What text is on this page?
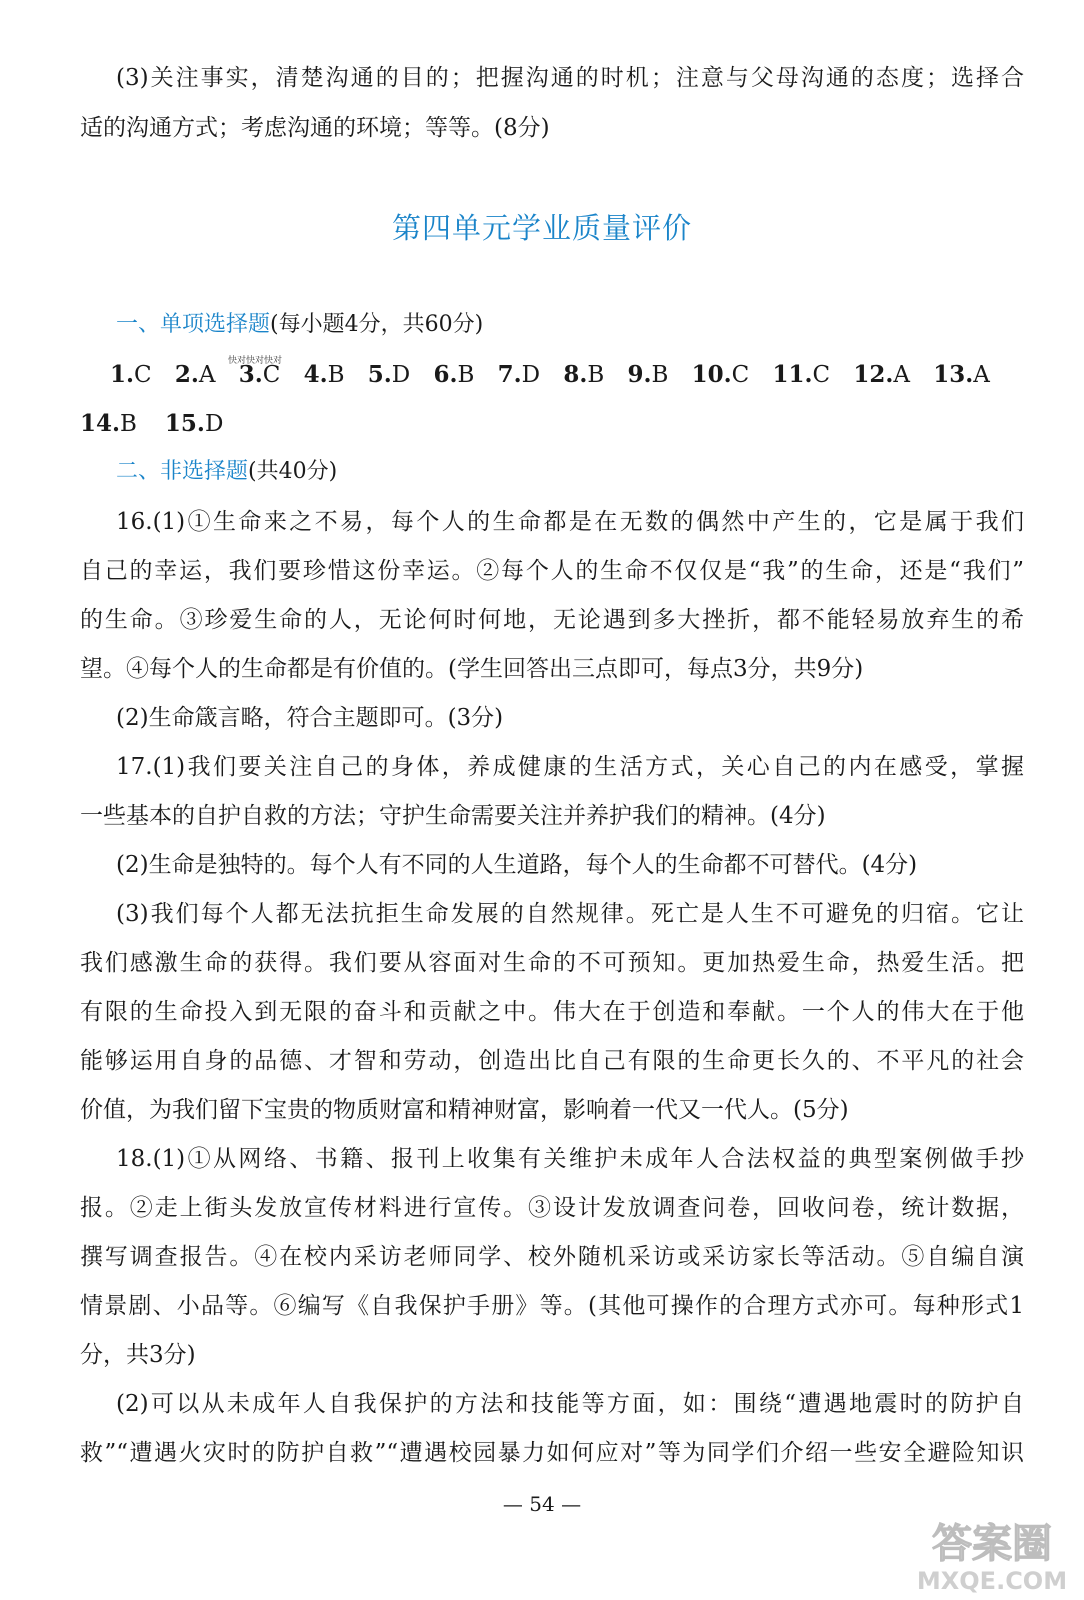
(3)关注事实，清楚沟通的目的；把握沟通的时机；注意与父母沟通的态度；选择合
适的沟通方式；考虑沟通的环境；等等。(8分)
第四单元学业质量评价
一、单项选择题(每小题4分，共60分)
1.C 2.A 3.C 4.B 5.D 6.B 7.D 8.B 9.B 10.C 11.C 12.A 13.A
快对快对快对
14.B 15.D
二、非选择题(共40分)
16.(1)①生命来之不易，每个人的生命都是在无数的偶然中产生的，它是属于我们
自己的幸运，我们要珍惜这份幸运。②每个人的生命不仅仅是“我”的生命，还是“我们”
的生命。③珍爱生命的人，无论何时何地，无论遇到多大挫折，都不能轻易放弃生的希
望。④每个人的生命都是有价值的。(学生回答出三点即可，每点3分，共9分)
(2)生命箴言略，符合主题即可。(3分)
17.(1)我们要关注自己的身体，养成健康的生活方式，关心自己的内在感受，掌握
一些基本的自护自救的方法；守护生命需要关注并养护我们的精神。(4分)
(2)生命是独特的。每个人有不同的人生道路，每个人的生命都不可替代。(4分)
(3)我们每个人都无法抗拒生命发展的自然规律。死亡是人生不可避免的归宿。它让
我们感激生命的获得。我们要从容面对生命的不可预知。更加热爱生命，热爱生活。把
有限的生命投入到无限的奋斗和贡献之中。伟大在于创造和奉献。一个人的伟大在于他
能够运用自身的品德、才智和劳动，创造出比自己有限的生命更长久的、不平凡的社会
价值，为我们留下宝贵的物质财富和精神财富，影响着一代又一代人。(5分)
18.(1)①从网络、书籍、报刊上收集有关维护未成年人合法权益的典型案例做手抄
报。②走上街头发放宣传材料进行宣传。③设计发放调查问卷，回收问卷，统计数据，
撰写调查报告。④在校内采访老师同学、校外随机采访或采访家长等活动。⑤自编自演
情景剧、小品等。⑥编写《自我保护手册》等。(其他可操作的合理方式亦可。每种形式1
分，共3分)
(2)可以从未成年人自我保护的方法和技能等方面，如：围绕“遭遇地震时的防护自
救”“遭遇火灾时的防护自救”“遭遇校园暴力如何应对”等为同学们介绍一些安全避险知识
— 54 —
答案圈
MXQE.COM
